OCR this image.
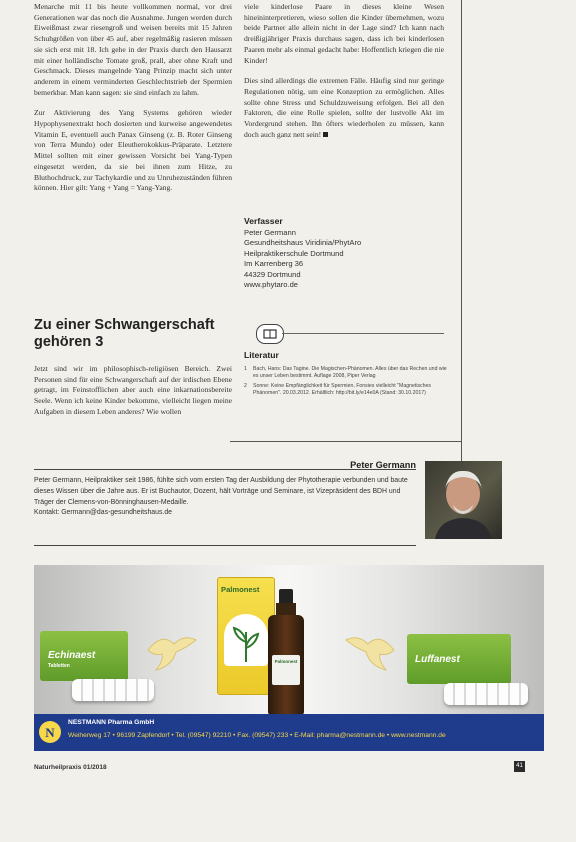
Menarche mit 11 bis heute vollkommen normal, vor drei Generationen war das noch die Ausnahme. Jungen werden durch Eiweißmast zwar riesengroß und weisen bereits mit 15 Jahren Schuhgrößen von über 45 auf, aber regelmäßig rasieren müssen sie sich erst mit 18. Ich gehe in der Praxis durch den Hausarzt mit einer holländische Tomate groß, prall, aber ohne Kraft und Geschmack. Dieses mangelnde Yang Prinzip macht sich unter anderem in einem verminderten Geschlechtstrieb der Spermien bemerkbar. Man kann sagen: sie sind einfach zu lahm.

Zur Aktivierung des Yang Systems gehören wieder Hypophysenextrakt hoch dosierten und kurweise angewendetes Vitamin E, eventuell auch Panax Ginseng (z. B. Roter Ginseng von Terra Mundo) oder Eleutherokokkus-Präparate. Letztere Mittel sollten mit einer gewissen Vorsicht bei Yang-Typen eingesetzt werden, da sie bei ihnen zum Hitze, zu Bluthochdruck, zur Tachykardie und zu Unruhezuständen führen können. Hier gilt: Yang + Yang = Yang-Yang.

Zu einer Schwangerschaft gehören 3

Jetzt sind wir im philosophisch-religiösen Bereich. Zwei Personen sind für eine Schwangerschaft auf der irdischen Ebene getragt, im Feinstofflichen aber auch eine inkarnationsbereite Seele. Wenn ich keine Kinder bekomme, vielleicht liegen meine Aufgaben in diesem Leben anderes? Wie wollen

viele kinderlose Paare in dieses kleine Wesen hineininterpretieren, wieso sollen die Kinder übernehmen, wozu beide Partner alle allein nicht in der Lage sind? Ich kann nach dreißigjähriger Praxis durchaus sagen, dass ich bei kinderlosen Paaren mehr als einmal gedacht habe: Hoffentlich kriegen die nie Kinder!

Dies sind allerdings die extremen Fälle. Häufig sind nur geringe Regulationen nötig, um eine Konzeption zu ermöglichen. Alles sollte ohne Stress und Schuldzuweisung erfolgen. Bei all den Faktoren, die eine Rolle spielen, sollte der lustvolle Akt im Vordergrund stehen. Ihn öfters wiederholen zu müssen, kann doch auch ganz nett sein!

Verfasser
Peter Germann
Gesundheitshaus Viridinia/PhytAro
Heilpraktikerschule Dortmund
Im Karrenberg 36
44329 Dortmund
www.phytaro.de
Literatur
1	Bach, Hans: Das Tagine. Die Magischen-Phänomen. Alles über das Rechen und wie es unser Leben bestimmt. Auflage 2008, Piper Verlag
2	Sonne: Keine Empfänglichkeit für Spermien, Fonsies vielleicht "Magnetisches Phänomen". 20.03.2012. Erhältlich: http://bit.ly/e14e0A (Stand: 30.10.2017)
Peter Germann
Peter Germann, Heilpraktiker seit 1986, fühlte sich vom ersten Tag der Ausbildung der Phytotherapie verbunden und baute dieses Wissen über die Jahre aus. Er ist Buchautor, Dozent, hält Vorträge und Seminare, ist Vizepräsident des BDH und Träger der Clemens-von-Bönninghausen-Medaille.
Kontakt: Germann@das-gesundheitshaus.de
Echinaest
Tabletten
Palmonest
Palmonest	Luffanest
N
NESTMANN Pharma GmbH
Weiherweg 17 • 96199 Zapfendorf • Tel. (09547) 92210 • Fax. (09547) 233 • E-Mail: pharma@nestmann.de • www.nestmann.de
Naturheilpraxis 01/2018	41
